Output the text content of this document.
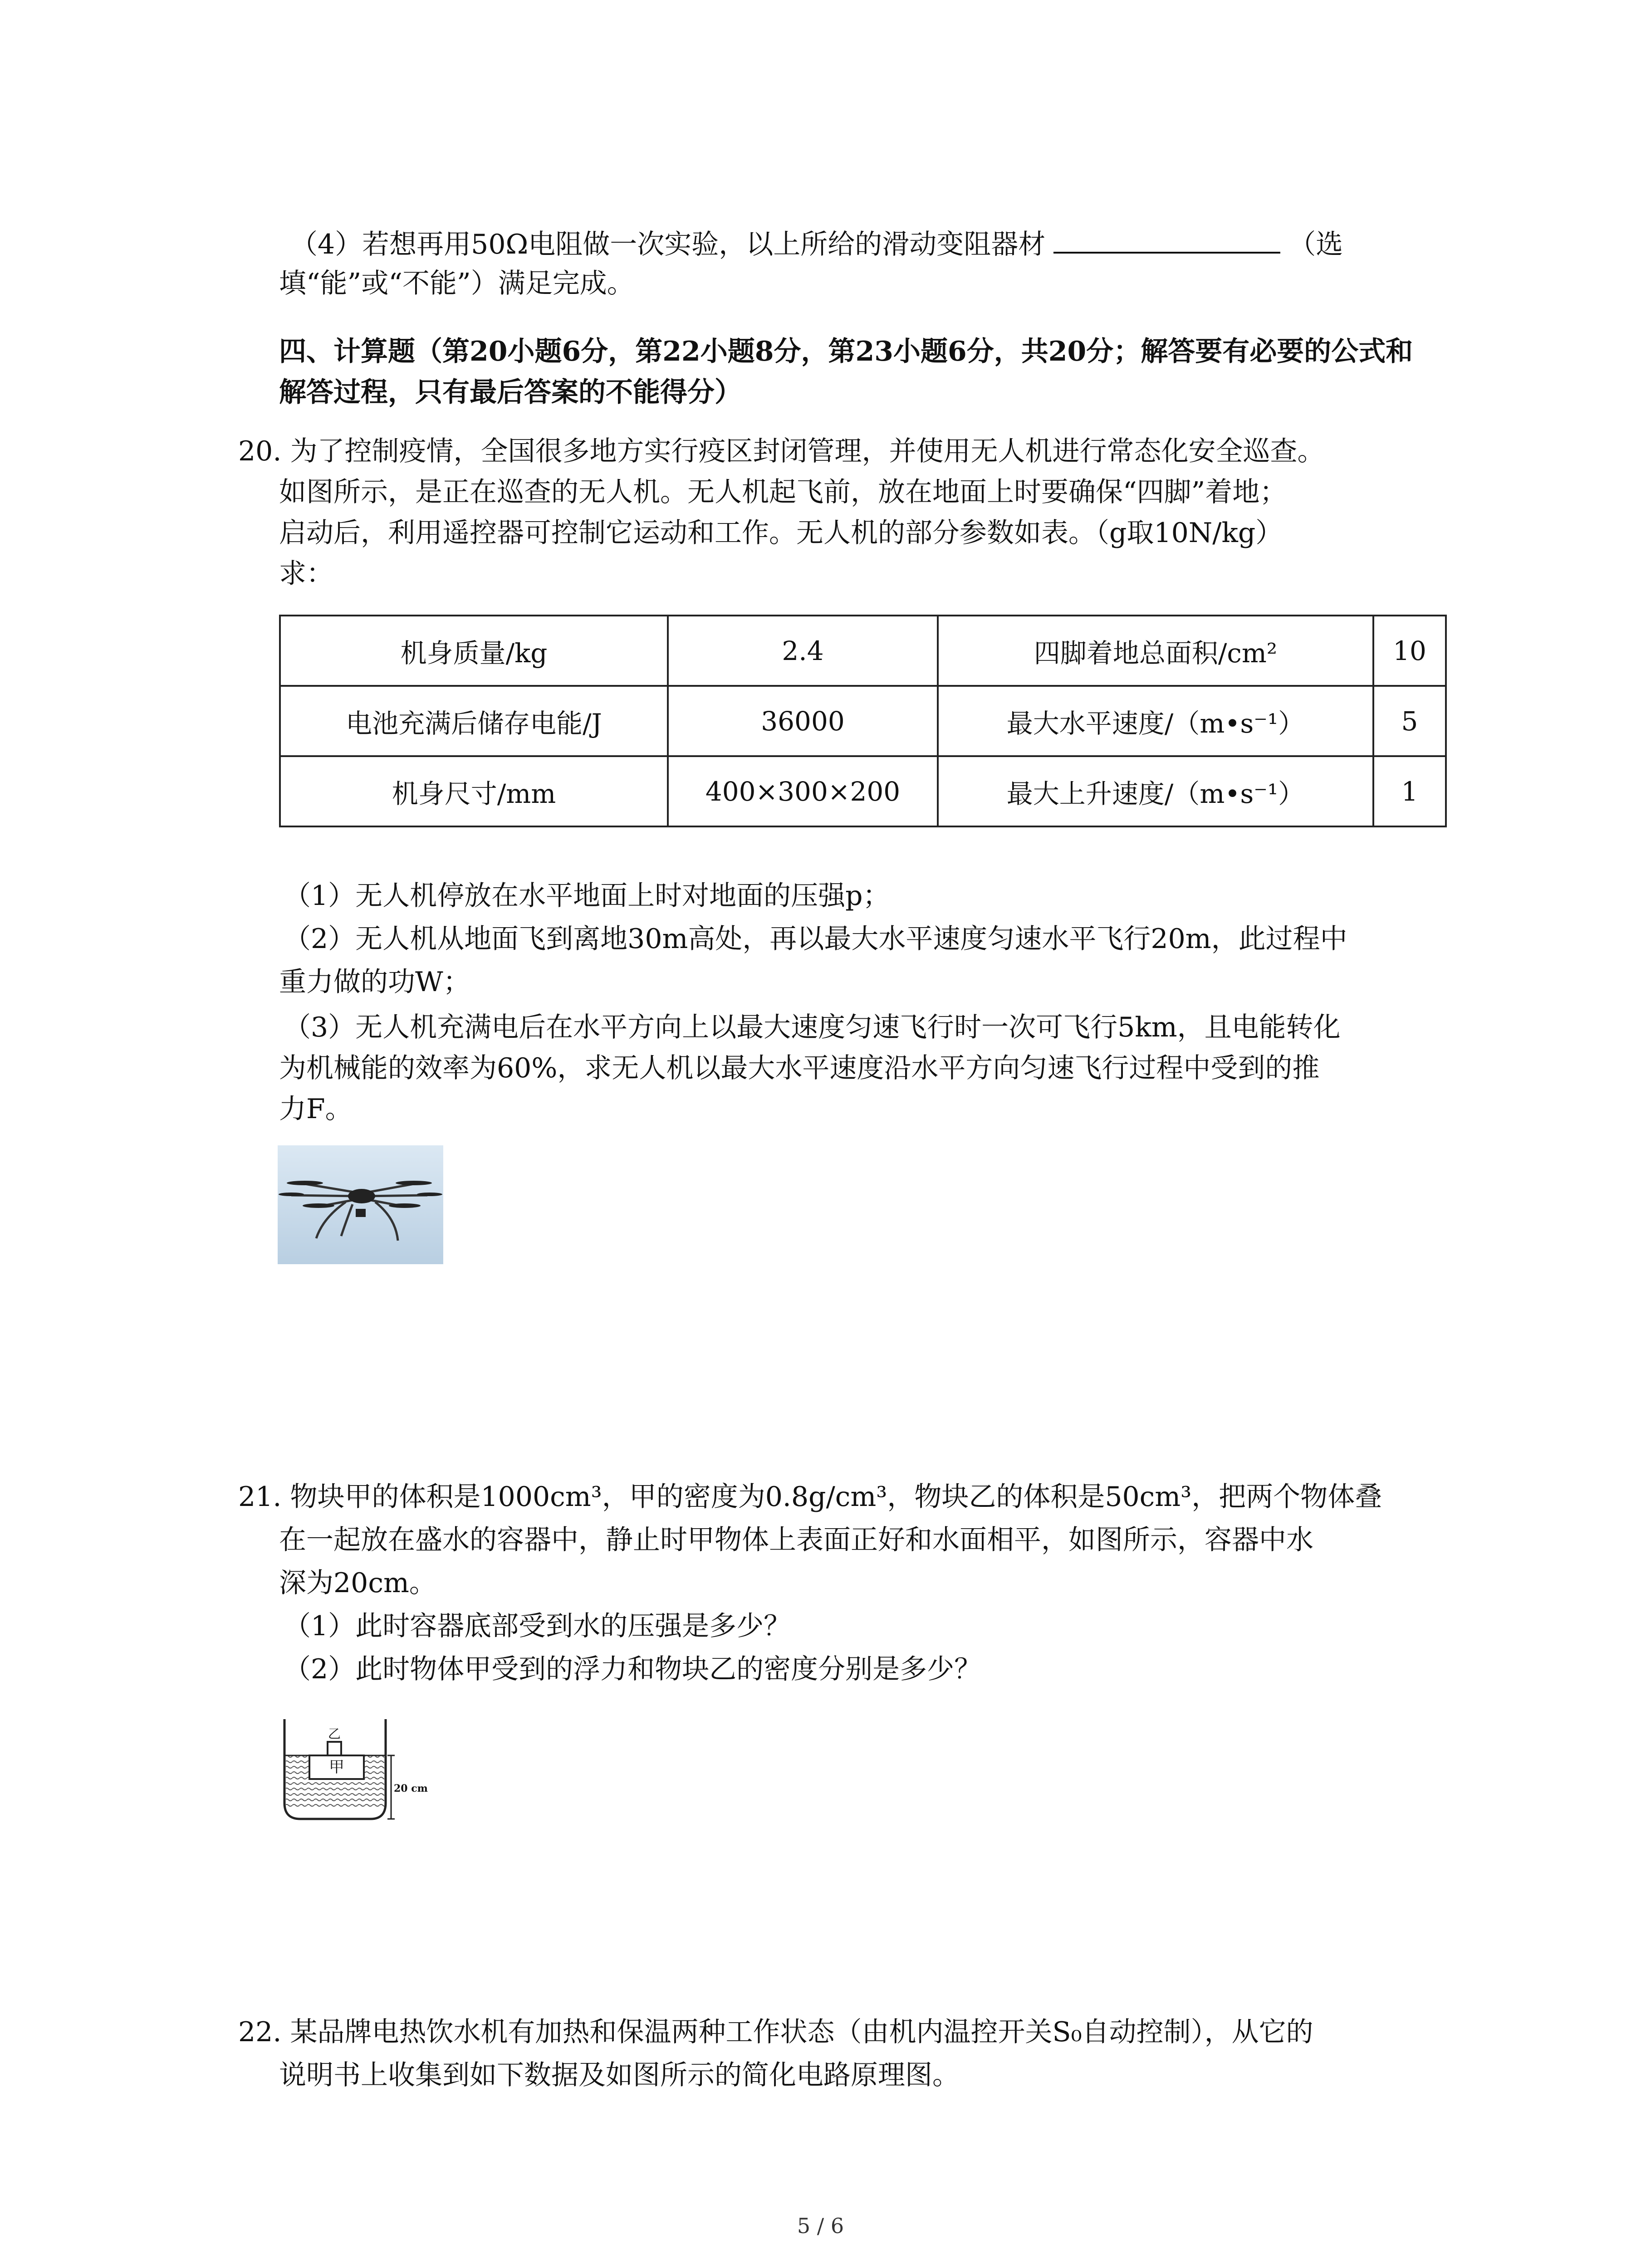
（4）若想再用50Ω电阻做一次实验，以上所给的滑动变阻器材	（选
填“能”或“不能”）满足完成。
四、计算题（第20小题6分，第22小题8分，第23小题6分，共20分；解答要有必要的公式和
解答过程，只有最后答案的不能得分）
20. 为了控制疫情，全国很多地方实行疫区封闭管理，并使用无人机进行常态化安全巡查。
如图所示，是正在巡查的无人机。无人机起飞前，放在地面上时要确保“四脚”着地；
启动后，利用遥控器可控制它运动和工作。无人机的部分参数如表。（g取10N/kg）
求：
机身质量/kg	2.4	四脚着地总面积/cm²	10
电池充满后储存电能/J	36000	最大水平速度/（m•s⁻¹）	5
机身尺寸/mm	400×300×200	最大上升速度/（m•s⁻¹）	1
（1）无人机停放在水平地面上时对地面的压强p；
（2）无人机从地面飞到离地30m高处，再以最大水平速度匀速水平飞行20m，此过程中
重力做的功W；
（3）无人机充满电后在水平方向上以最大速度匀速飞行时一次可飞行5km，且电能转化
为机械能的效率为60%，求无人机以最大水平速度沿水平方向匀速飞行过程中受到的推
力F。
21. 物块甲的体积是1000cm³，甲的密度为0.8g/cm³，物块乙的体积是50cm³，把两个物体叠
在一起放在盛水的容器中，静止时甲物体上表面正好和水面相平，如图所示，容器中水
深为20cm。
（1）此时容器底部受到水的压强是多少？
（2）此时物体甲受到的浮力和物块乙的密度分别是多少？
甲
乙
20 cm
22. 某品牌电热饮水机有加热和保温两种工作状态（由机内温控开关S₀自动控制），从它的
说明书上收集到如下数据及如图所示的简化电路原理图。
5 / 6
